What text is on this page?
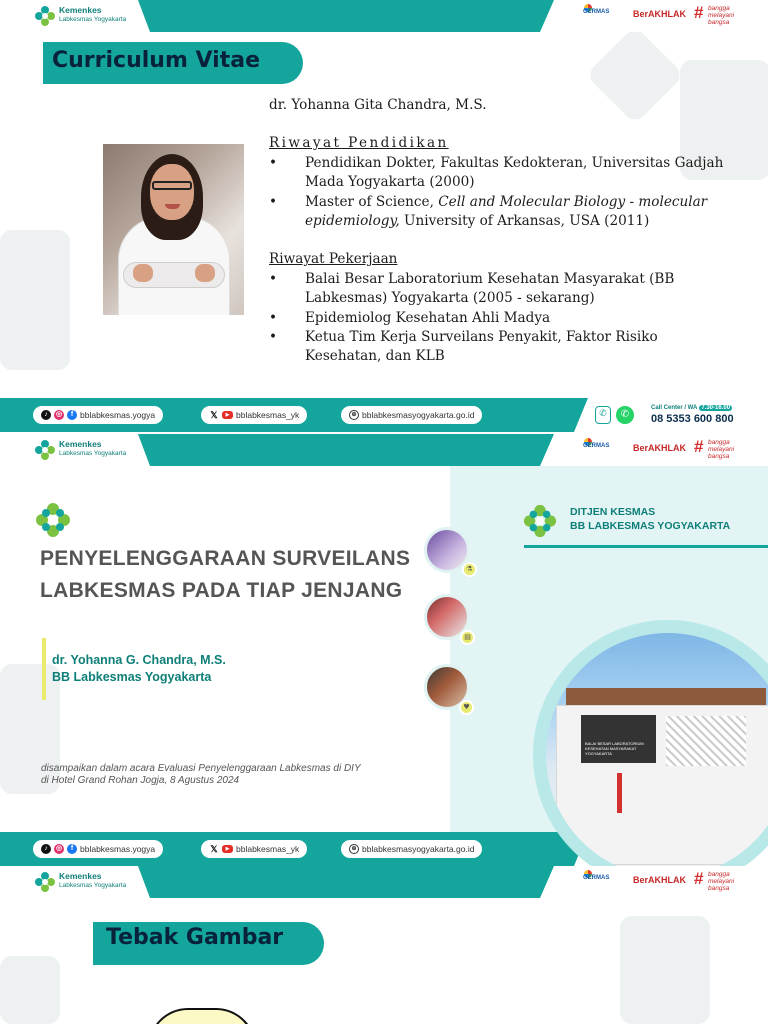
Kemenkes
Labkesmas Yogyakarta
GERMAS	BerAKHLAK # bangga
melayani
bangsa
Curriculum Vitae
dr. Yohanna Gita Chandra, M.S.
Riwayat Pendidikan
• Pendidikan Dokter, Fakultas Kedokteran, Universitas Gadjah Mada Yogyakarta (2000)
• Master of Science, Cell and Molecular Biology - molecular epidemiology, University of Arkansas, USA (2011)
Riwayat Pekerjaan
• Balai Besar Laboratorium Kesehatan Masyarakat (BB Labkesmas) Yogyakarta (2005 - sekarang)
• Epidemiolog Kesehatan Ahli Madya
• Ketua Tim Kerja Surveilans Penyakit, Faktor Risiko Kesehatan, dan KLB
♪	◎	f bblabkesmas.yogya	𝕏	▶ bblabkesmas_yk	⊕ bblabkesmasyogyakarta.go.id	✆	✆
Call Center / WA 7.30-16.00
08 5353 600 800
Kemenkes
Labkesmas Yogyakarta
GERMAS	BerAKHLAK # bangga
melayani
bangsa
♪	◎	f bblabkesmas.yogya	𝕏	▶ bblabkesmas_yk	⊕ bblabkesmasyogyakarta.go.id
PENYELENGGARAAN SURVEILANS
LABKESMAS PADA TIAP JENJANG
dr. Yohanna G. Chandra, M.S.
BB Labkesmas Yogyakarta
disampaikan dalam acara Evaluasi Penyelenggaraan Labkesmas di DIY
di Hotel Grand Rohan Jogja, 8 Agustus 2024
DITJEN KESMAS
BB LABKESMAS YOGYAKARTA
⚗
▤
♥
BALAI BESAR LABORATORIUM KESEHATAN MASYARAKAT YOGYAKARTA
Kemenkes
Labkesmas Yogyakarta
GERMAS	BerAKHLAK # bangga
melayani
bangsa
Tebak Gambar
